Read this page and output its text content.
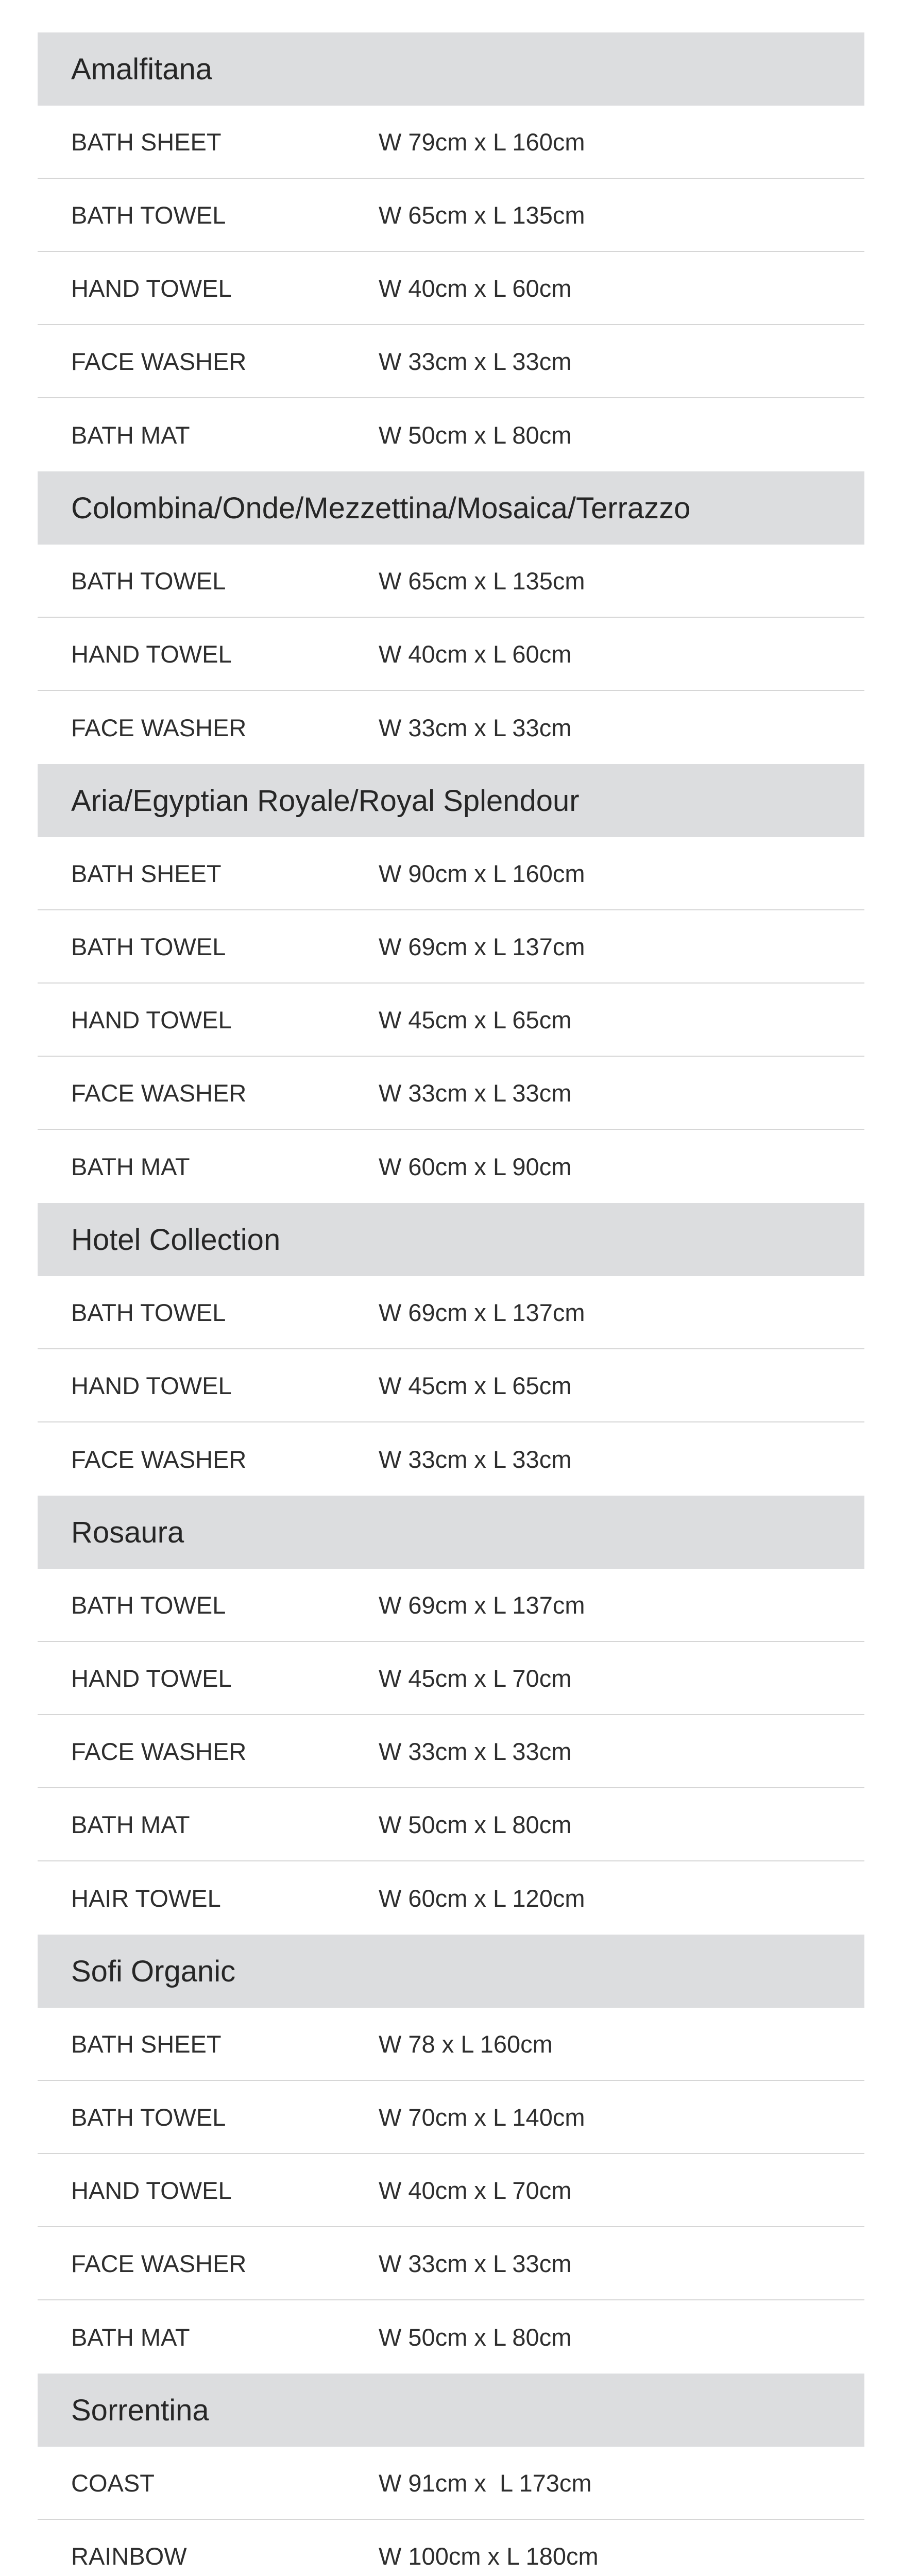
Amalfitana
BATH SHEET	W 79cm x L 160cm
BATH TOWEL	W 65cm x L 135cm
HAND TOWEL	W 40cm x L 60cm
FACE WASHER	W 33cm x L 33cm
BATH MAT	W 50cm x L 80cm
Colombina/Onde/Mezzettina/Mosaica/Terrazzo
BATH TOWEL	W 65cm x L 135cm
HAND TOWEL	W 40cm x L 60cm
FACE WASHER	W 33cm x L 33cm
Aria/Egyptian Royale/Royal Splendour
BATH SHEET	W 90cm x L 160cm
BATH TOWEL	W 69cm x L 137cm
HAND TOWEL	W 45cm x L 65cm
FACE WASHER	W 33cm x L 33cm
BATH MAT	W 60cm x L 90cm
Hotel Collection
BATH TOWEL	W 69cm x L 137cm
HAND TOWEL	W 45cm x L 65cm
FACE WASHER	W 33cm x L 33cm
Rosaura
BATH TOWEL	W 69cm x L 137cm
HAND TOWEL	W 45cm x L 70cm
FACE WASHER	W 33cm x L 33cm
BATH MAT	W 50cm x L 80cm
HAIR TOWEL	W 60cm x L 120cm
Sofi Organic
BATH SHEET	W 78 x L 160cm
BATH TOWEL	W 70cm x L 140cm
HAND TOWEL	W 40cm x L 70cm
FACE WASHER	W 33cm x L 33cm
BATH MAT	W 50cm x L 80cm
Sorrentina
COAST	W 91cm x  L 173cm
RAINBOW	W 100cm x L 180cm
